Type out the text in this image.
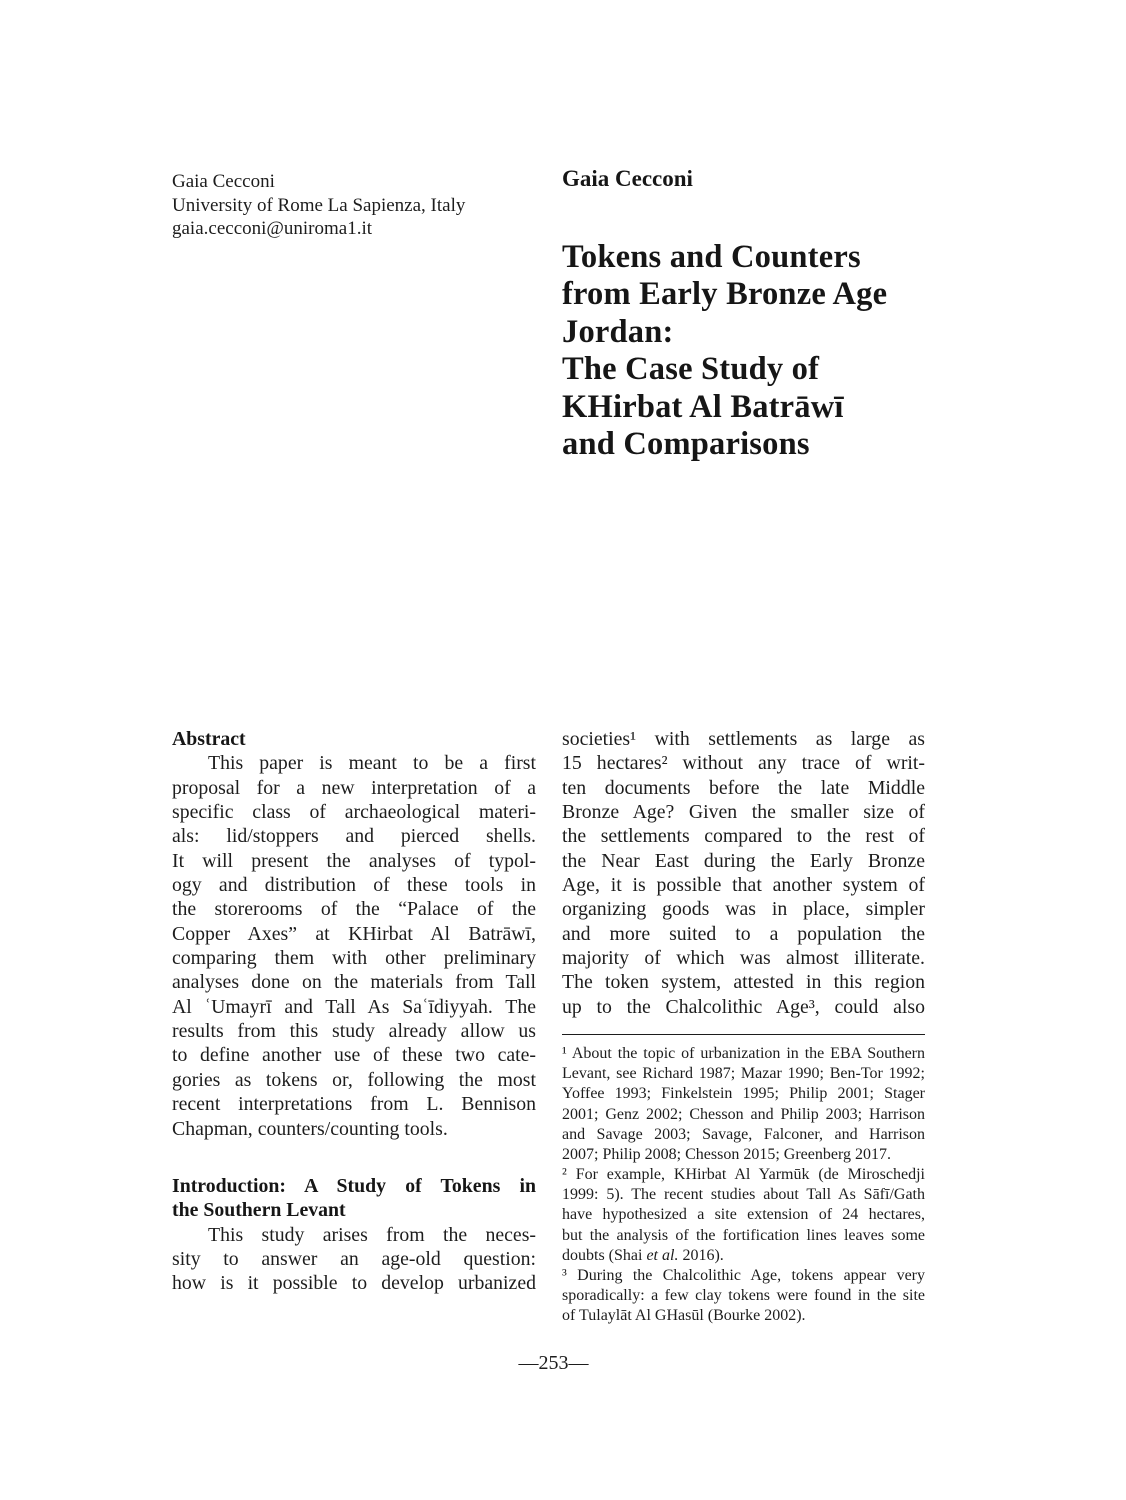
Gaia Cecconi
University of Rome La Sapienza, Italy
gaia.cecconi@uniroma1.it
Gaia Cecconi
Tokens and Counters
from Early Bronze Age
Jordan:
The Case Study of
KHirbat Al Batrāwī
and Comparisons
Abstract
This paper is meant to be a first
proposal for a new interpretation of a
specific class of archaeological materi-
als: lid/stoppers and pierced shells.
It will present the analyses of typol-
ogy and distribution of these tools in
the storerooms of the “Palace of the
Copper Axes” at KHirbat Al Batrāwī,
comparing them with other preliminary
analyses done on the materials from Tall
Al ʿUmayrī and Tall As Saʿīdiyyah. The
results from this study already allow us
to define another use of these two cate-
gories as tokens or, following the most
recent interpretations from L. Bennison
Chapman, counters/counting tools.
Introduction: A Study of Tokens in
the Southern Levant
This study arises from the neces-
sity to answer an age-old question:
how is it possible to develop urbanized
societies¹ with settlements as large as
15 hectares² without any trace of writ-
ten documents before the late Middle
Bronze Age? Given the smaller size of
the settlements compared to the rest of
the Near East during the Early Bronze
Age, it is possible that another system of
organizing goods was in place, simpler
and more suited to a population the
majority of which was almost illiterate.
The token system, attested in this region
up to the Chalcolithic Age³, could also
¹ About the topic of urbanization in the EBA Southern
Levant, see Richard 1987; Mazar 1990; Ben-Tor 1992;
Yoffee 1993; Finkelstein 1995; Philip 2001; Stager
2001; Genz 2002; Chesson and Philip 2003; Harrison
and Savage 2003; Savage, Falconer, and Harrison
2007; Philip 2008; Chesson 2015; Greenberg 2017.
² For example, KHirbat Al Yarmūk (de Miroschedji
1999: 5). The recent studies about Tall As Sāfī/Gath
have hypothesized a site extension of 24 hectares,
but the analysis of the fortification lines leaves some
doubts (Shai et al. 2016).
³ During the Chalcolithic Age, tokens appear very
sporadically: a few clay tokens were found in the site
of Tulaylāt Al GHasūl (Bourke 2002).
—253—
